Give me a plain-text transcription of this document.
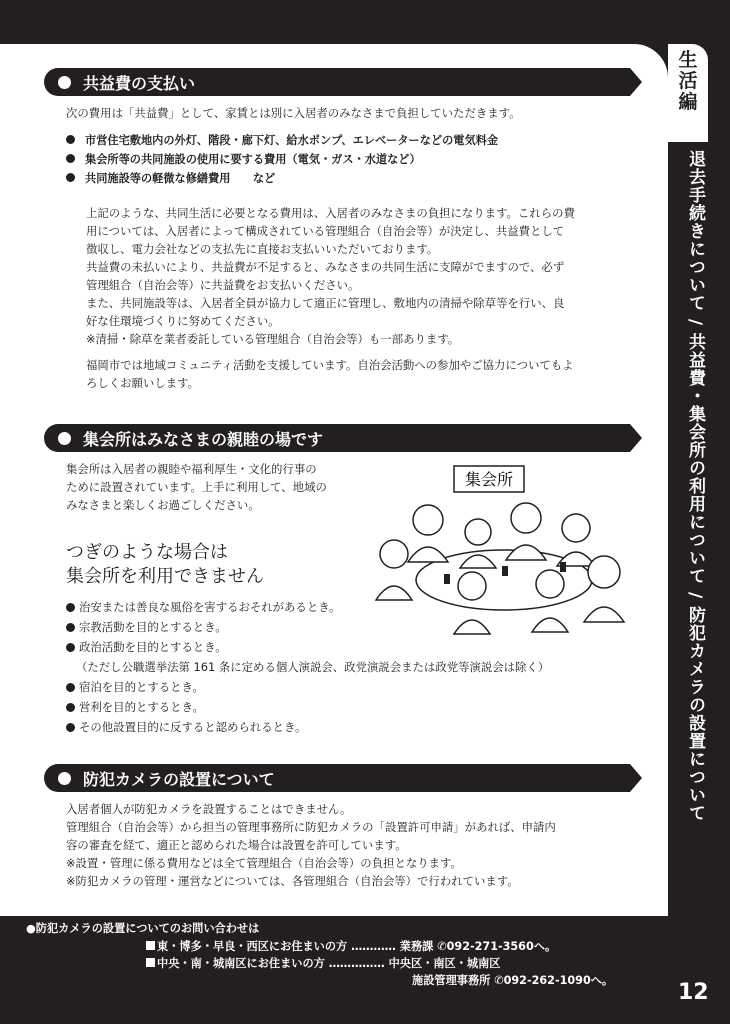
生
活
編
退去手続きについて / 共益費・集会所の利用について / 防犯カメラの設置について
共益費の支払い

次の費用は「共益費」として、家賃とは別に入居者のみなさまで負担していただきます。

市営住宅敷地内の外灯、階段・廊下灯、給水ポンプ、エレベーターなどの電気料金
集会所等の共同施設の使用に要する費用（電気・ガス・水道など）
共同施設等の軽微な修繕費用　　など
上記のような、共同生活に必要となる費用は、入居者のみなさまの負担になります。これらの費
用については、入居者によって構成されている管理組合（自治会等）が決定し、共益費として
徴収し、電力会社などの支払先に直接お支払いいただいております。
共益費の未払いにより、共益費が不足すると、みなさまの共同生活に支障がでますので、必ず
管理組合（自治会等）に共益費をお支払いください。
また、共同施設等は、入居者全員が協力して適正に管理し、敷地内の清掃や除草等を行い、良
好な住環境づくりに努めてください。
※清掃・除草を業者委託している管理組合（自治会等）も一部あります。
福岡市では地域コミュニティ活動を支援しています。自治会活動への参加やご協力についてもよ
ろしくお願いします。
集会所はみなさまの親睦の場です
集会所は入居者の親睦や福利厚生・文化的行事の
ために設置されています。上手に利用して、地域の
みなさまと楽しくお過ごしください。
つぎのような場合は
集会所を利用できません
集会所
治安または善良な風俗を害するおそれがあるとき。
宗教活動を目的とするとき。
政治活動を目的とするとき。
（ただし公職選挙法第 161 条に定める個人演説会、政党演説会または政党等演説会は除く）
宿泊を目的とするとき。
営利を目的とするとき。
その他設置目的に反すると認められるとき。
防犯カメラの設置について
入居者個人が防犯カメラを設置することはできません。
管理組合（自治会等）から担当の管理事務所に防犯カメラの「設置許可申請」があれば、申請内
容の審査を経て、適正と認められた場合は設置を許可しています。
※設置・管理に係る費用などは全て管理組合（自治会等）の負担となります。
※防犯カメラの管理・運営などについては、各管理組合（自治会等）で行われています。
●防犯カメラの設置についてのお問い合わせは
東・博多・早良・西区にお住まいの方 ………… 業務課 ✆092-271-3560へ。
中央・南・城南区にお住まいの方 …………… 中央区・南区・城南区
施設管理事務所 ✆092-262-1090へ。	12
